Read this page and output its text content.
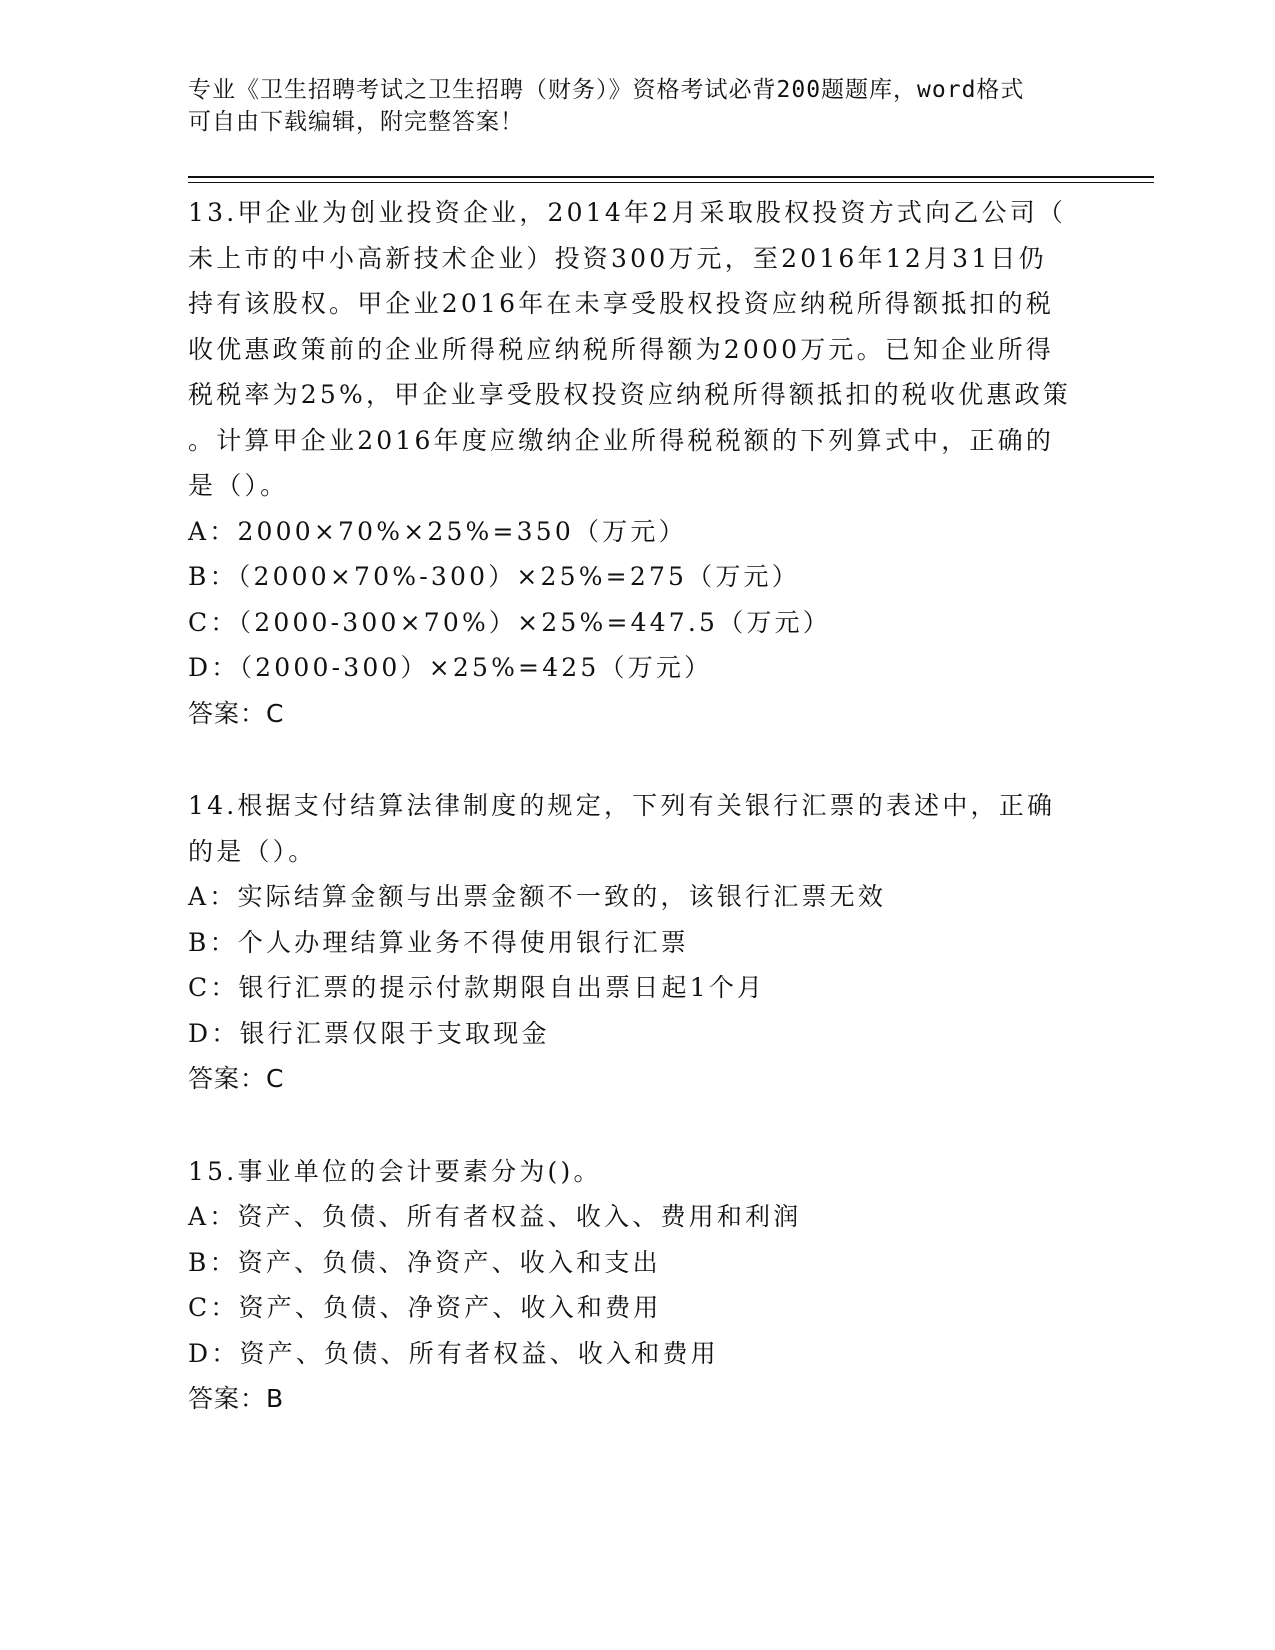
专业《卫生招聘考试之卫生招聘（财务）》资格考试必背200题题库，word格式
可自由下载编辑，附完整答案！
13.甲企业为创业投资企业，2014年2月采取股权投资方式向乙公司（
未上市的中小高新技术企业）投资300万元，至2016年12月31日仍
持有该股权。甲企业2016年在未享受股权投资应纳税所得额抵扣的税
收优惠政策前的企业所得税应纳税所得额为2000万元。已知企业所得
税税率为25%，甲企业享受股权投资应纳税所得额抵扣的税收优惠政策
。计算甲企业2016年度应缴纳企业所得税税额的下列算式中，正确的
是（）。
A：2000×70%×25%=350（万元）
B：（2000×70%-300）×25%=275（万元）
C：（2000-300×70%）×25%=447.5（万元）
D：（2000-300）×25%=425（万元）
答案：C
14.根据支付结算法律制度的规定，下列有关银行汇票的表述中，正确
的是（）。
A：实际结算金额与出票金额不一致的，该银行汇票无效
B：个人办理结算业务不得使用银行汇票
C：银行汇票的提示付款期限自出票日起1个月
D：银行汇票仅限于支取现金
答案：C
15.事业单位的会计要素分为()。
A：资产、负债、所有者权益、收入、费用和利润
B：资产、负债、净资产、收入和支出
C：资产、负债、净资产、收入和费用
D：资产、负债、所有者权益、收入和费用
答案：B
